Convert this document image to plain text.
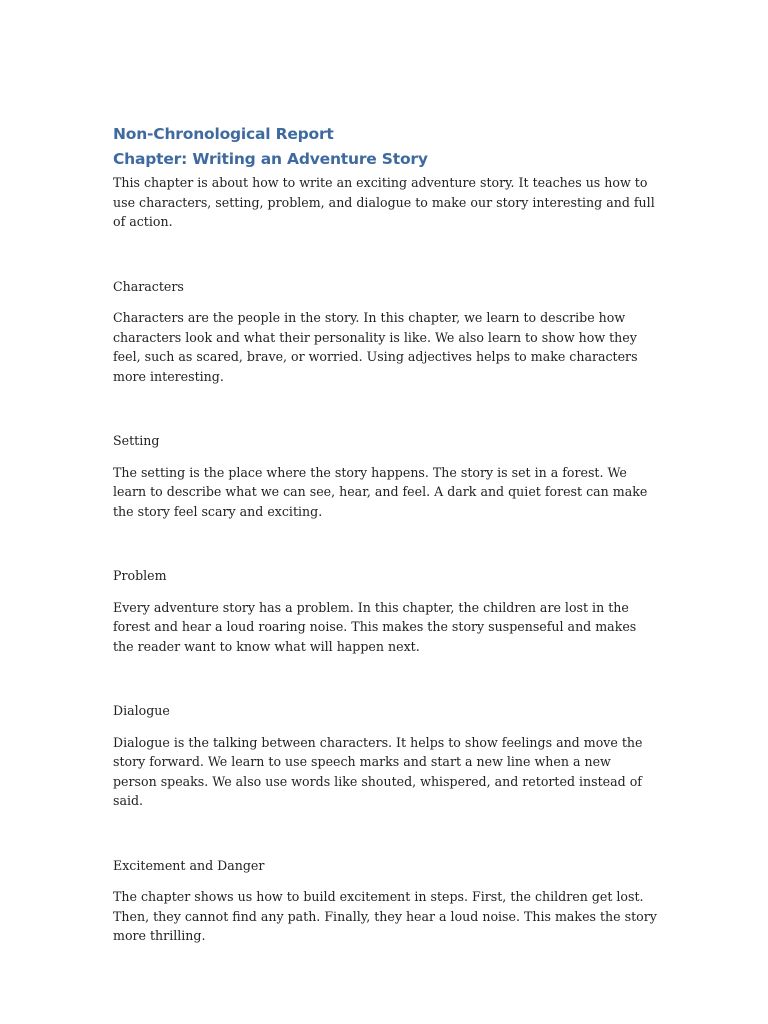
Non-Chronological Report
Chapter: Writing an Adventure Story

This chapter is about how to write an exciting adventure story. It teaches us how to use characters, setting, problem, and dialogue to make our story interesting and full of action.

Characters

Characters are the people in the story. In this chapter, we learn to describe how characters look and what their personality is like. We also learn to show how they feel, such as scared, brave, or worried. Using adjectives helps to make characters more interesting.

Setting

The setting is the place where the story happens. The story is set in a forest. We learn to describe what we can see, hear, and feel. A dark and quiet forest can make the story feel scary and exciting.

Problem

Every adventure story has a problem. In this chapter, the children are lost in the forest and hear a loud roaring noise. This makes the story suspenseful and makes the reader want to know what will happen next.

Dialogue

Dialogue is the talking between characters. It helps to show feelings and move the story forward. We learn to use speech marks and start a new line when a new person speaks. We also use words like shouted, whispered, and retorted instead of said.

Excitement and Danger

The chapter shows us how to build excitement in steps. First, the children get lost. Then, they cannot find any path. Finally, they hear a loud noise. This makes the story more thrilling.
